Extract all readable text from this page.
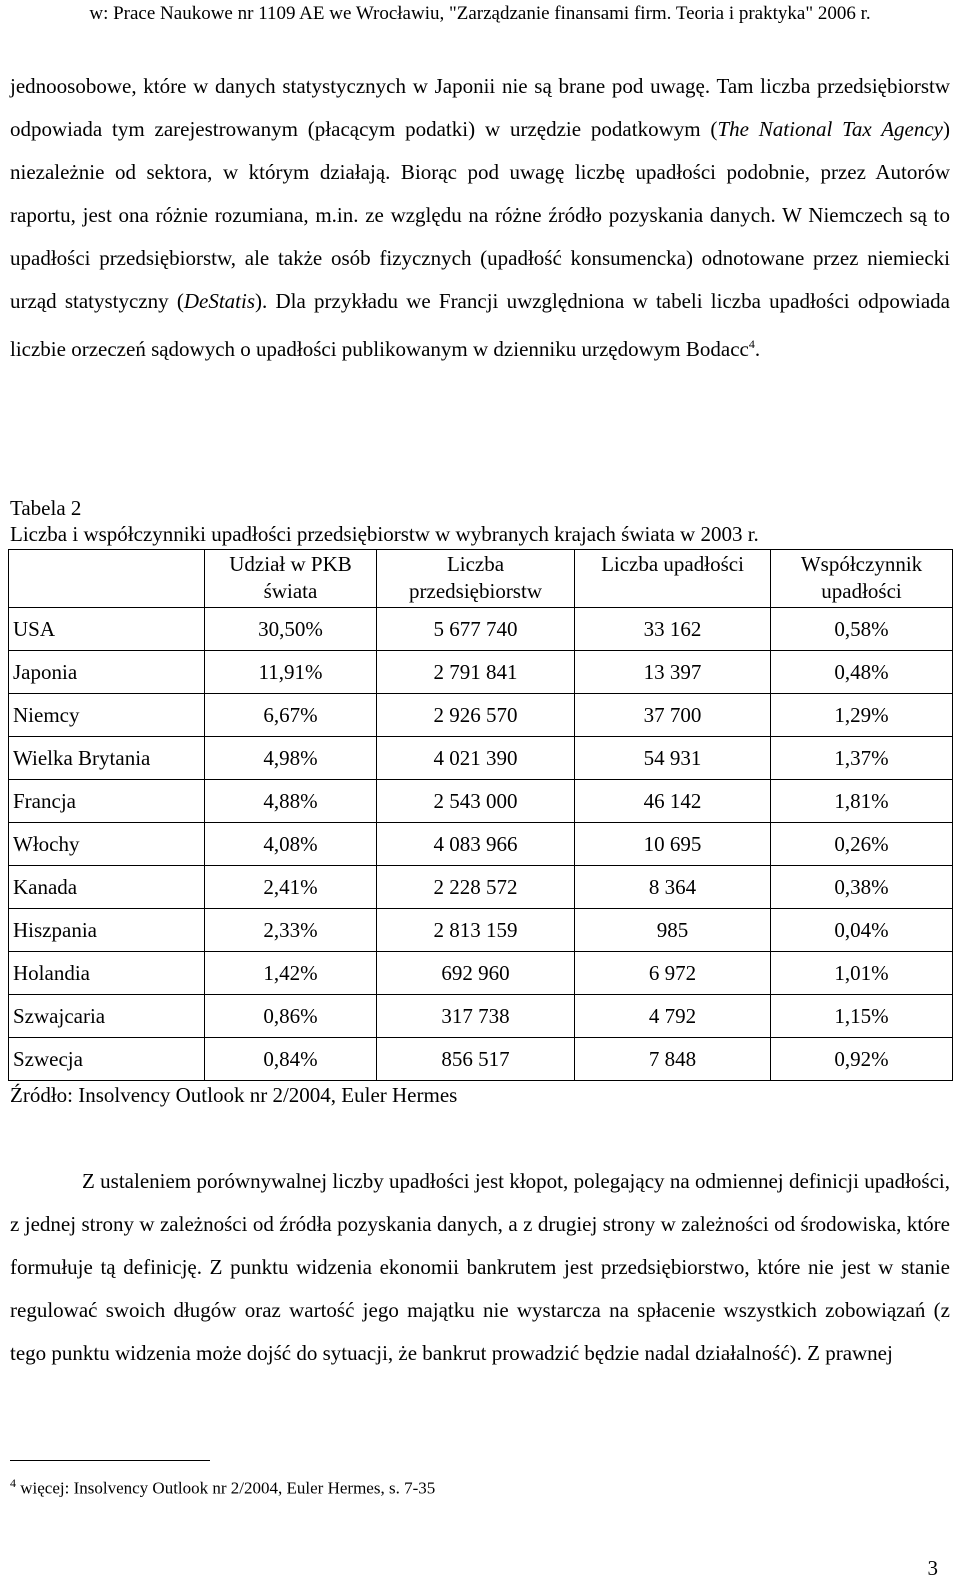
w: Prace Naukowe nr 1109 AE we Wrocławiu, "Zarządzanie finansami firm. Teoria i praktyka" 2006 r.

jednoosobowe, które w danych statystycznych w Japonii nie są brane pod uwagę. Tam liczba przedsiębiorstw odpowiada tym zarejestrowanym (płacącym podatki) w urzędzie podatkowym (The National Tax Agency) niezależnie od sektora, w którym działają. Biorąc pod uwagę liczbę upadłości podobnie, przez Autorów raportu, jest ona różnie rozumiana, m.in. ze względu na różne źródło pozyskania danych. W Niemczech są to upadłości przedsiębiorstw, ale także osób fizycznych (upadłość konsumencka) odnotowane przez niemiecki urząd statystyczny (DeStatis). Dla przykładu we Francji uwzględniona w tabeli liczba upadłości odpowiada liczbie orzeczeń sądowych o upadłości publikowanym w dzienniku urzędowym Bodacc$^4$.

Tabela 2

Liczba i współczynniki upadłości przedsiębiorstw w wybranych krajach świata w 2003 r.

	Udział w PKB świata	Liczba przedsiębiorstw	Liczba upadłości	Współczynnik upadłości
USA	30,50%	5 677 740	33 162	0,58%
Japonia	11,91%	2 791 841	13 397	0,48%
Niemcy	6,67%	2 926 570	37 700	1,29%
Wielka Brytania	4,98%	4 021 390	54 931	1,37%
Francja	4,88%	2 543 000	46 142	1,81%
Włochy	4,08%	4 083 966	10 695	0,26%
Kanada	2,41%	2 228 572	8 364	0,38%
Hiszpania	2,33%	2 813 159	985	0,04%
Holandia	1,42%	692 960	6 972	1,01%
Szwajcaria	0,86%	317 738	4 792	1,15%
Szwecja	0,84%	856 517	7 848	0,92%
Źródło: Insolvency Outlook nr 2/2004, Euler Hermes

Z ustaleniem porównywalnej liczby upadłości jest kłopot, polegający na odmiennej definicji upadłości, z jednej strony w zależności od źródła pozyskania danych, a z drugiej strony w zależności od środowiska, które formułuje tą definicję. Z punktu widzenia ekonomii bankrutem jest przedsiębiorstwo, które nie jest w stanie regulować swoich długów oraz wartość jego majątku nie wystarcza na spłacenie wszystkich zobowiązań (z tego punktu widzenia może dojść do sytuacji, że bankrut prowadzić będzie nadal działalność). Z prawnej

$^4$ więcej: Insolvency Outlook nr 2/2004, Euler Hermes, s. 7-35
3
